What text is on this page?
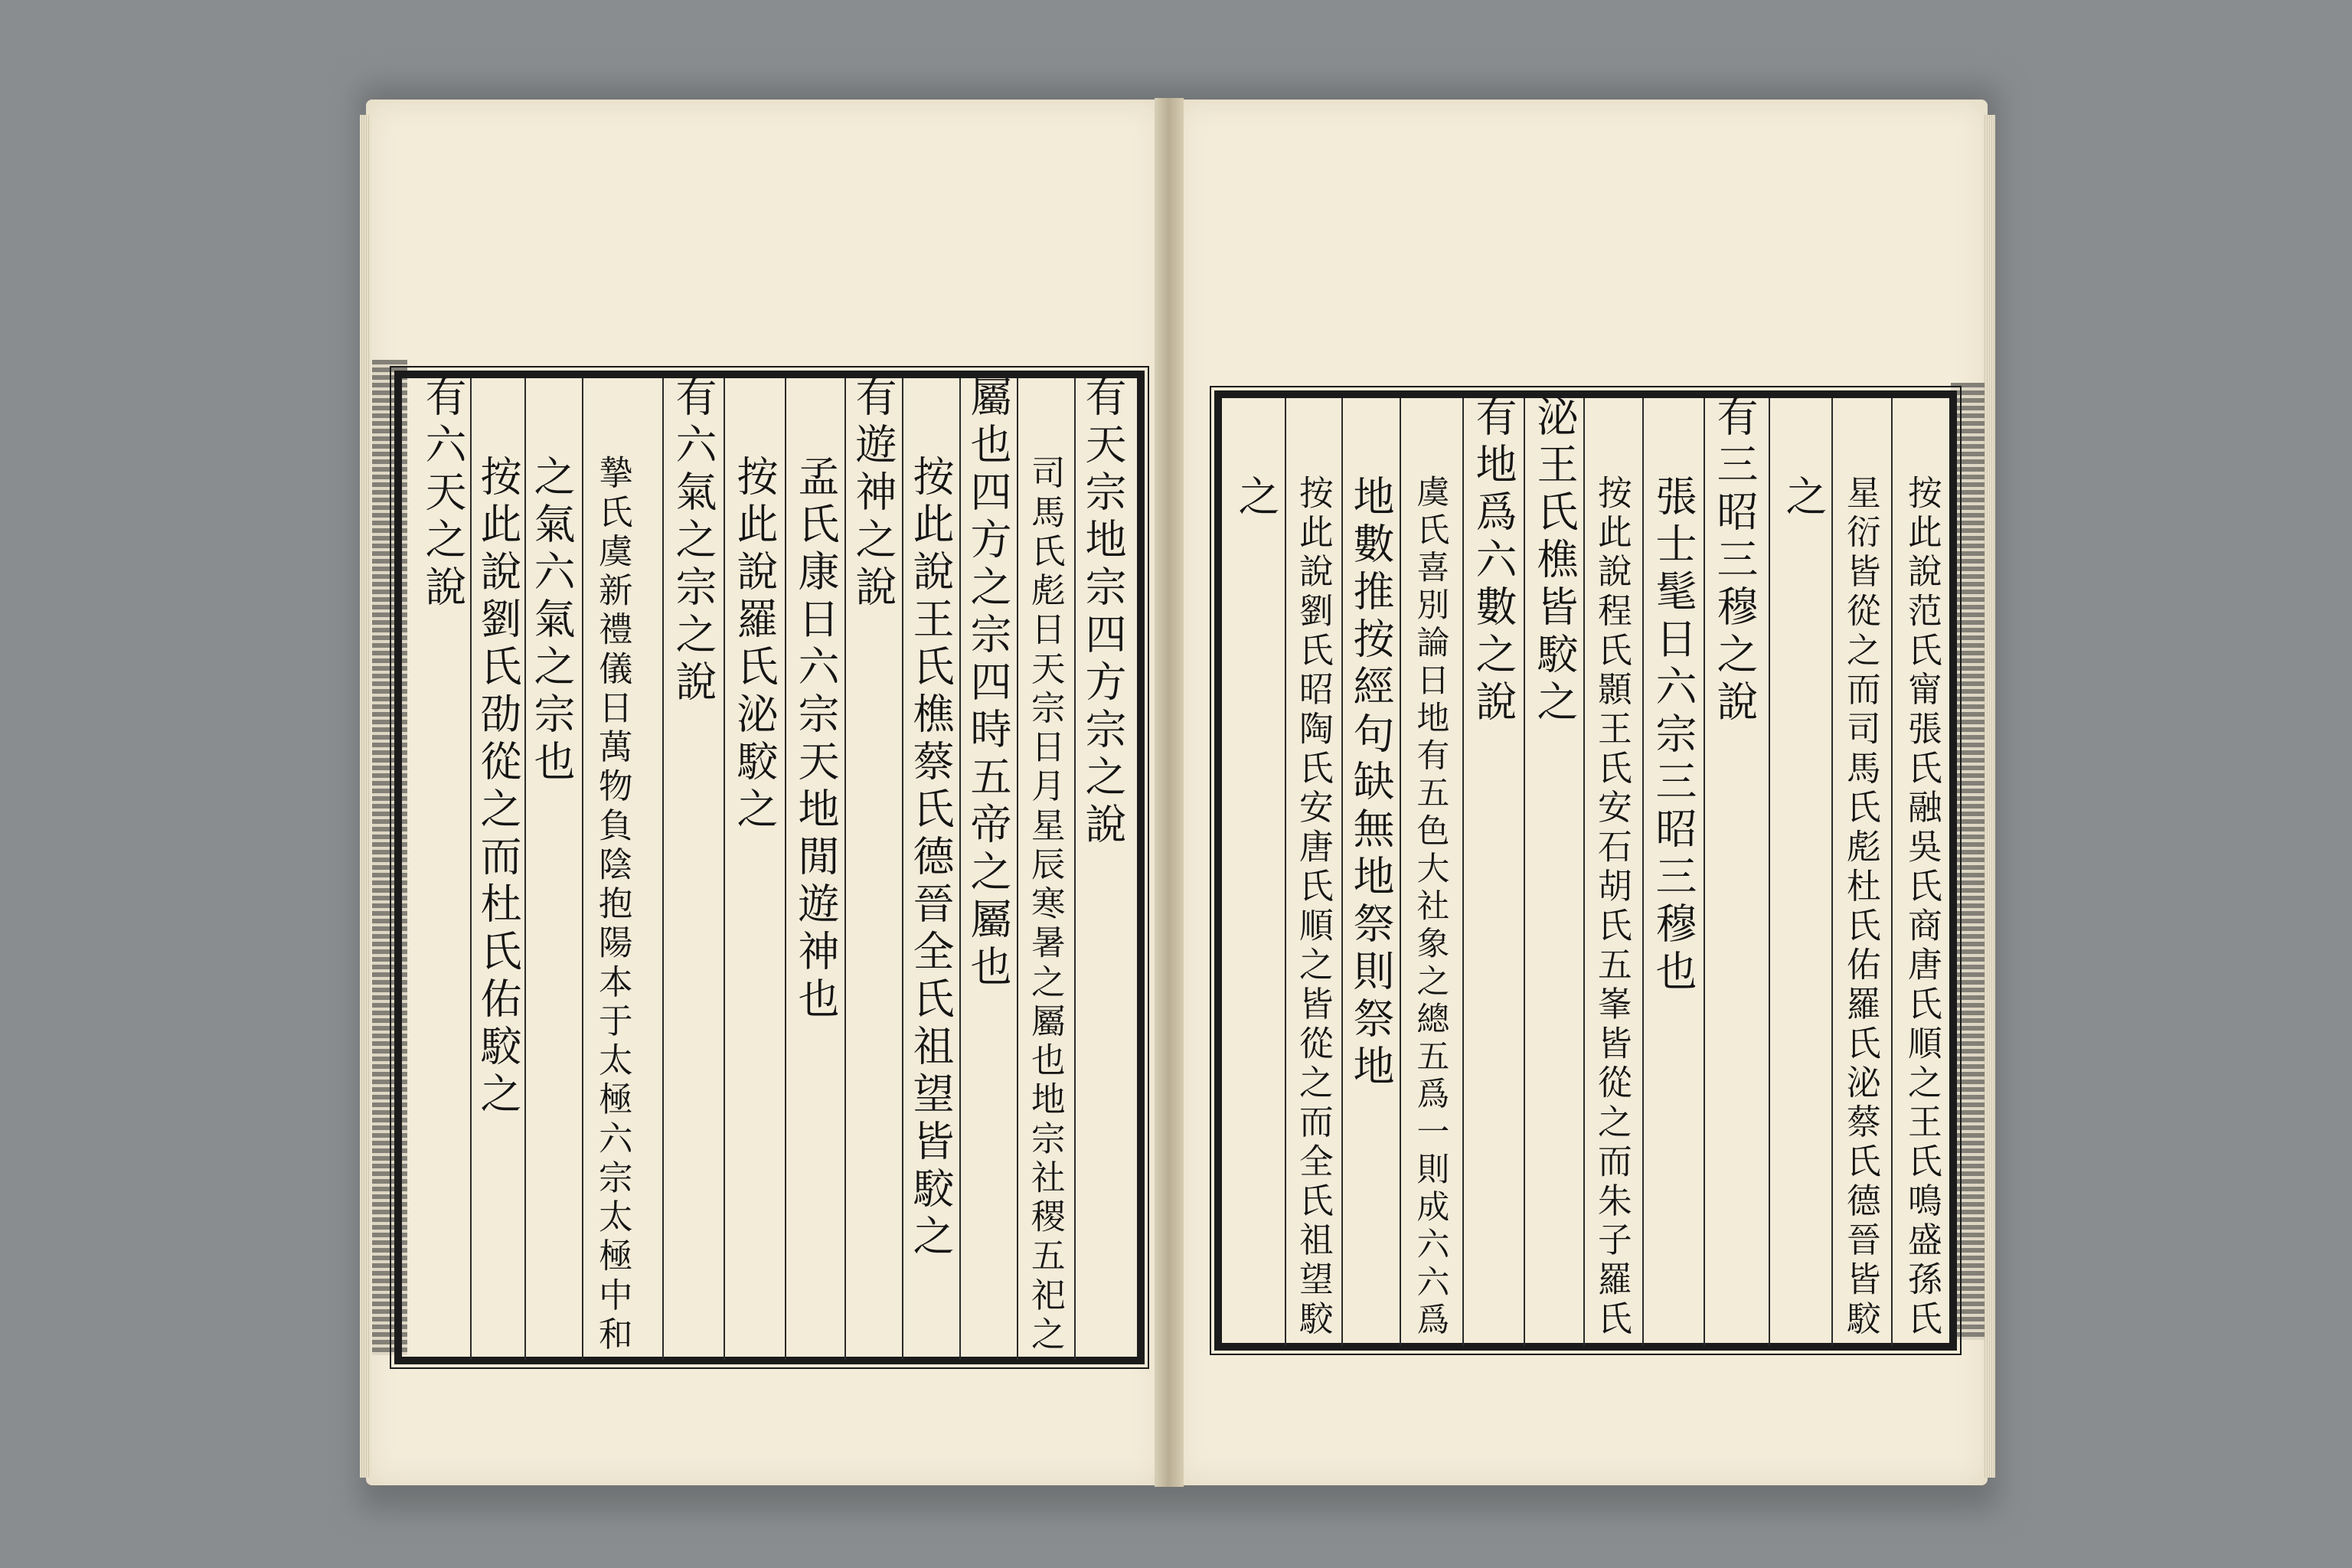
有天宗地宗四方宗之說
司馬氏彪日天宗日月星辰寒暑之屬也地宗社稷五祀之
屬也四方之宗四時五帝之屬也
按此說王氏樵蔡氏德晉全氏祖望皆駮之
有遊神之說
孟氏康日六宗天地閒遊神也
按此說羅氏泌駮之
有六氣之宗之說
摯氏虞新禮儀日萬物負陰抱陽本于太極六宗太極中和
之氣六氣之宗也
按此說劉氏劭從之而杜氏佑駮之
有六天之說	按此說范氏甯張氏融吳氏商唐氏順之王氏鳴盛孫氏
星衍皆從之而司馬氏彪杜氏佑羅氏泌蔡氏德晉皆駮
之
有三昭三穆之說
張士髦日六宗三昭三穆也
按此說程氏顥王氏安石胡氏五峯皆從之而朱子羅氏
泌王氏樵皆駮之
有地爲六數之說
虞氏喜別論日地有五色大社象之總五爲一則成六六爲
地數推按經句缺無地祭則祭地
按此說劉氏昭陶氏安唐氏順之皆從之而全氏祖望駮
之
